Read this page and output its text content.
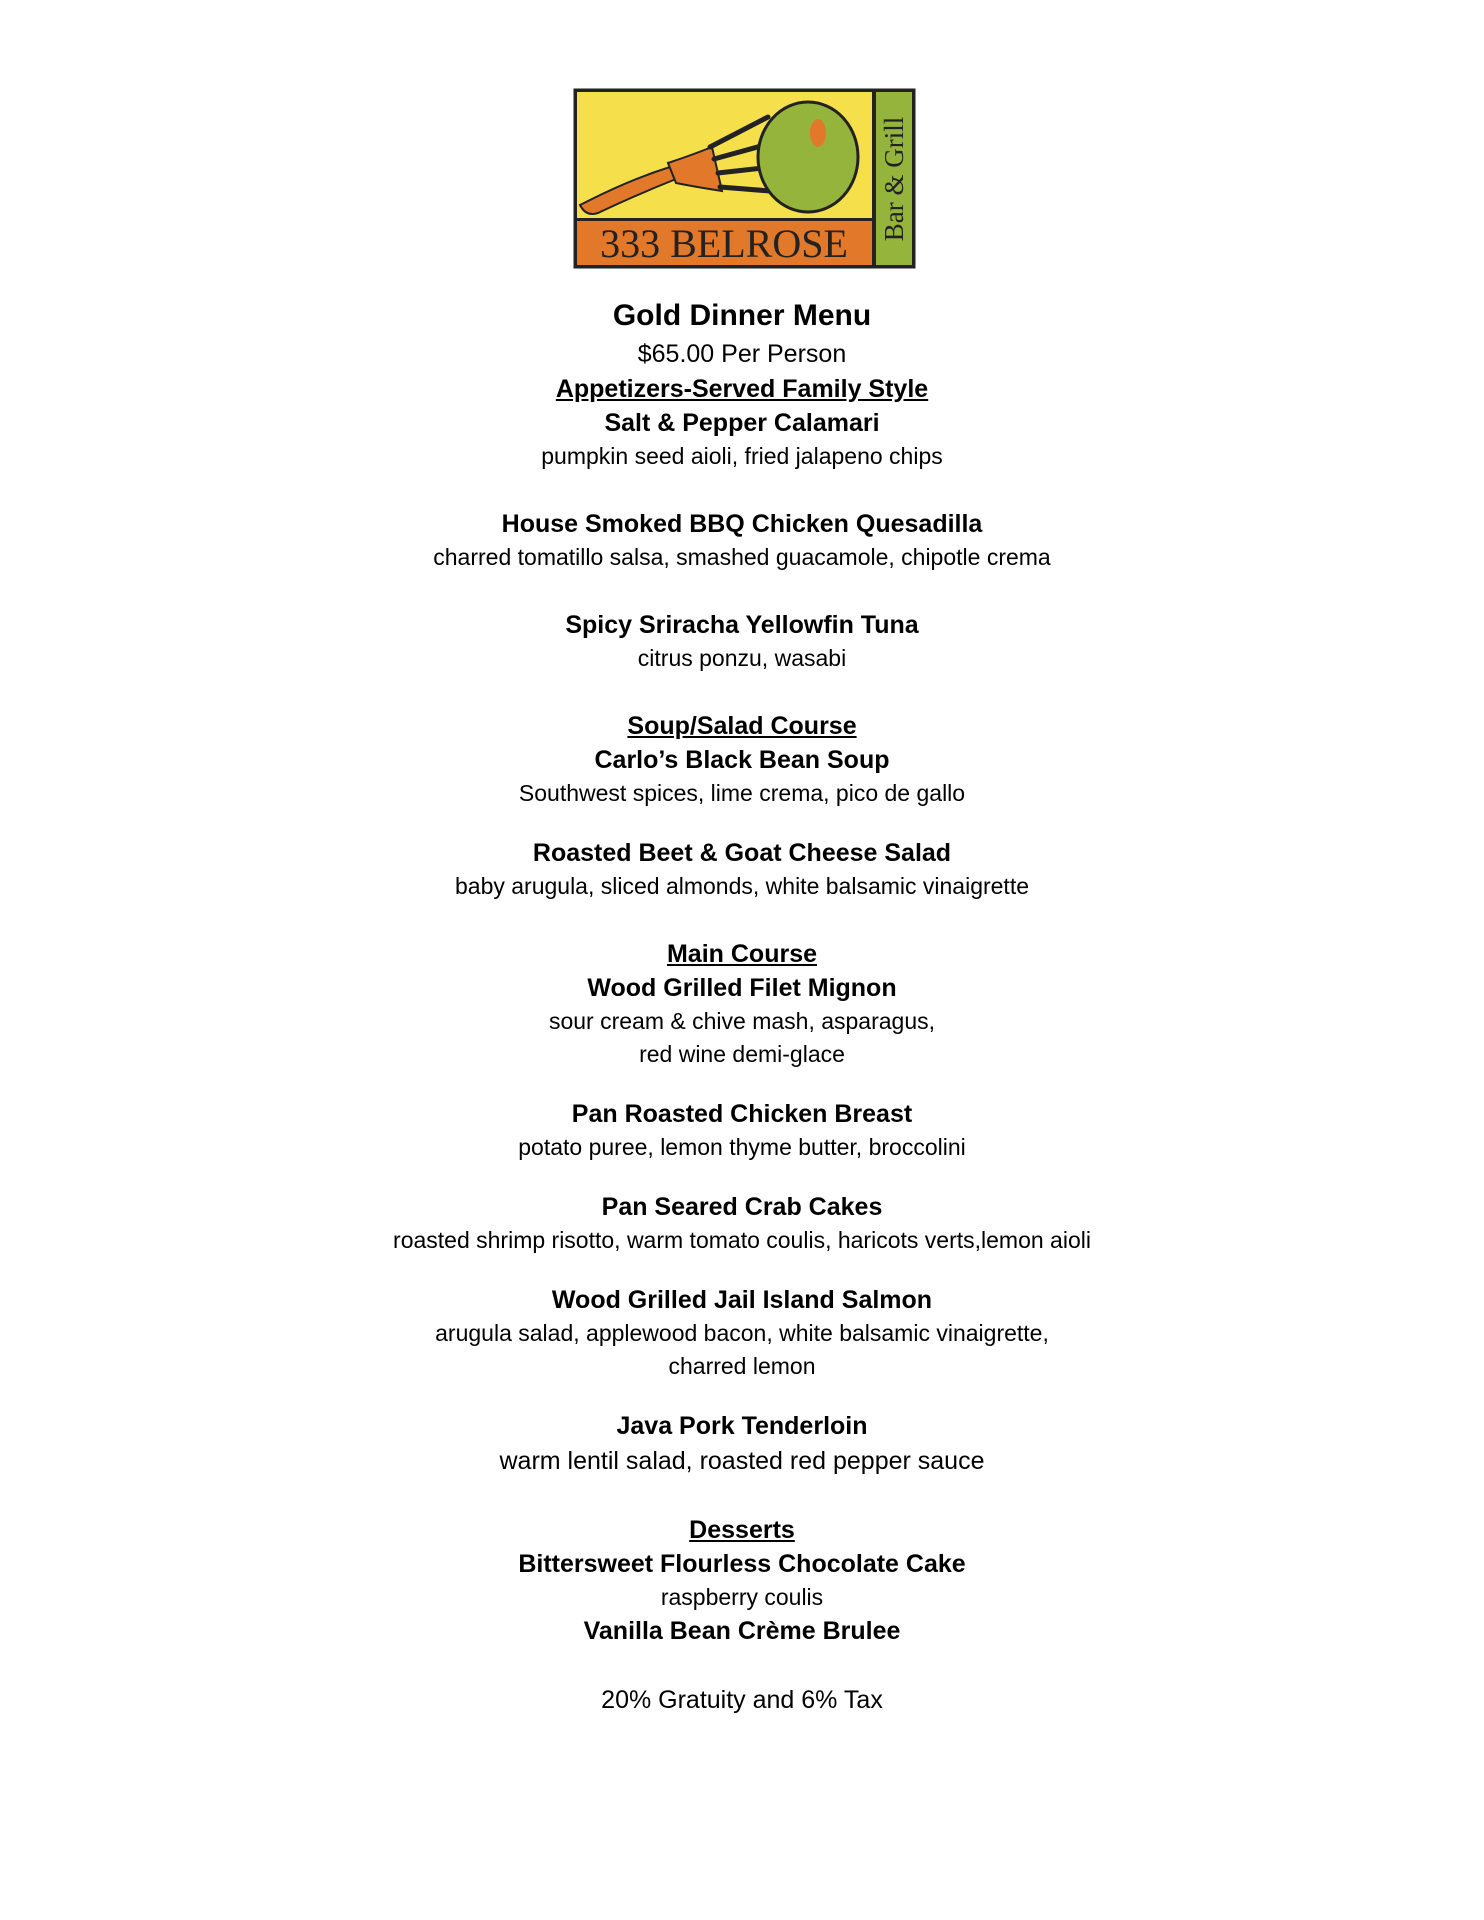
333 BELROSE
Bar & Grill
Gold Dinner Menu
$65.00 Per Person
Appetizers-Served Family Style
Salt & Pepper Calamari
pumpkin seed aioli, fried jalapeno chips
House Smoked BBQ Chicken Quesadilla
charred tomatillo salsa, smashed guacamole, chipotle crema
Spicy Sriracha Yellowfin Tuna
citrus ponzu, wasabi
Soup/Salad Course
Carlo’s Black Bean Soup
Southwest spices, lime crema, pico de gallo
Roasted Beet & Goat Cheese Salad
baby arugula, sliced almonds, white balsamic vinaigrette
Main Course
Wood Grilled Filet Mignon
sour cream & chive mash, asparagus,
red wine demi-glace
Pan Roasted Chicken Breast
potato puree, lemon thyme butter, broccolini
Pan Seared Crab Cakes
roasted shrimp risotto, warm tomato coulis, haricots verts,lemon aioli
Wood Grilled Jail Island Salmon
arugula salad, applewood bacon, white balsamic vinaigrette,
charred lemon
Java Pork Tenderloin
warm lentil salad, roasted red pepper sauce
Desserts
Bittersweet Flourless Chocolate Cake
raspberry coulis
Vanilla Bean Crème Brulee
20% Gratuity and 6% Tax
